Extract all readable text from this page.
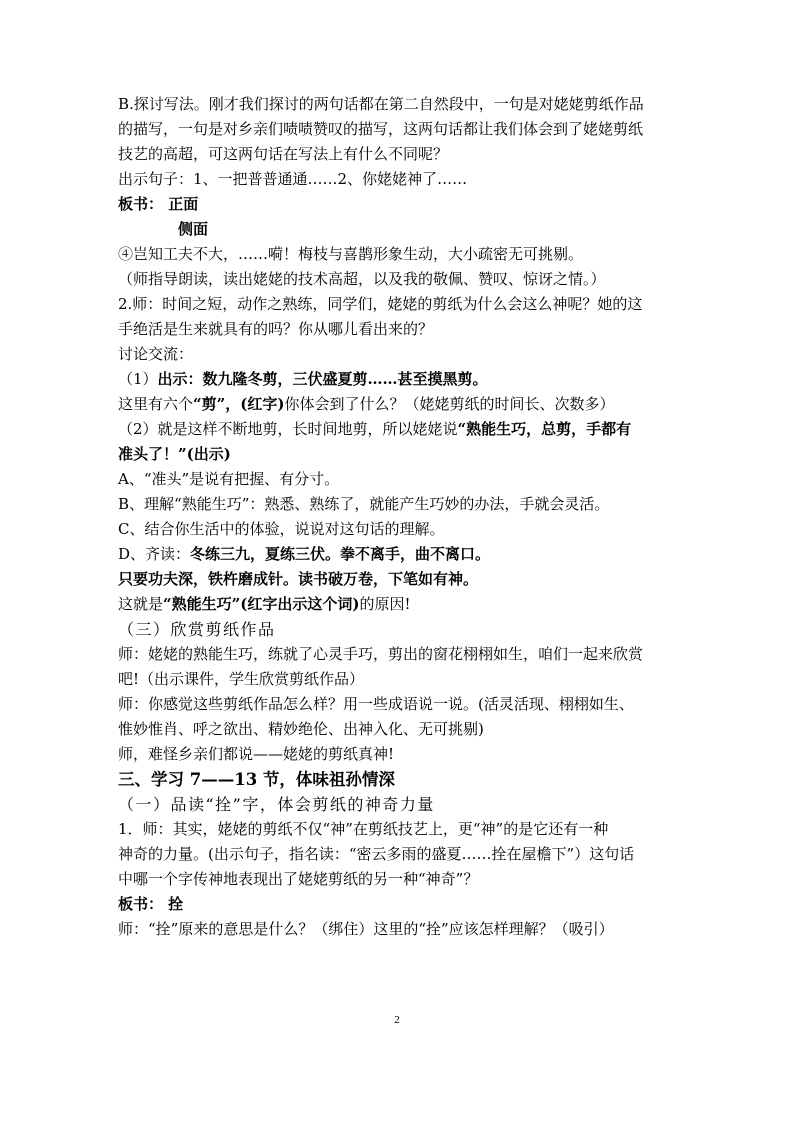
B.探讨写法。刚才我们探讨的两句话都在第二自然段中，一句是对姥姥剪纸作品
的描写，一句是对乡亲们啧啧赞叹的描写，这两句话都让我们体会到了姥姥剪纸
技艺的高超，可这两句话在写法上有什么不同呢？
出示句子：1、一把普普通通……2、你姥姥神了……
板书： 正面
侧面
④岂知工夫不大，……嗬！梅枝与喜鹊形象生动，大小疏密无可挑剔。
（师指导朗读，读出姥姥的技术高超，以及我的敬佩、赞叹、惊讶之情。）
2.师：时间之短，动作之熟练，同学们，姥姥的剪纸为什么会这么神呢？她的这
手绝活是生来就具有的吗？你从哪儿看出来的？
讨论交流：
（1）出示：数九隆冬剪，三伏盛夏剪……甚至摸黑剪。
这里有六个“剪”，(红字)你体会到了什么？（姥姥剪纸的时间长、次数多）
（2）就是这样不断地剪，长时间地剪，所以姥姥说“熟能生巧，总剪，手都有
准头了！”(出示)
A、“准头”是说有把握、有分寸。
B、理解“熟能生巧”：熟悉、熟练了，就能产生巧妙的办法，手就会灵活。
C、结合你生活中的体验，说说对这句话的理解。
D、齐读：冬练三九，夏练三伏。拳不离手，曲不离口。
只要功夫深，铁杵磨成针。读书破万卷，下笔如有神。
这就是“熟能生巧”(红字出示这个词)的原因!
（三）欣赏剪纸作品
师：姥姥的熟能生巧，练就了心灵手巧，剪出的窗花栩栩如生，咱们一起来欣赏
吧!（出示课件，学生欣赏剪纸作品）
师：你感觉这些剪纸作品怎么样？用一些成语说一说。(活灵活现、栩栩如生、
惟妙惟肖、呼之欲出、精妙绝伦、出神入化、无可挑剔)
师，难怪乡亲们都说——姥姥的剪纸真神!
三、学习 7——13 节，体味祖孙情深
（一）品读“拴”字，体会剪纸的神奇力量
1．师：其实，姥姥的剪纸不仅“神”在剪纸技艺上，更“神”的是它还有一种
神奇的力量。(出示句子，指名读：“密云多雨的盛夏……拴在屋檐下”）这句话
中哪一个字传神地表现出了姥姥剪纸的另一种“神奇”？
板书： 拴
师：“拴”原来的意思是什么？（绑住）这里的“拴”应该怎样理解？（吸引）
2
